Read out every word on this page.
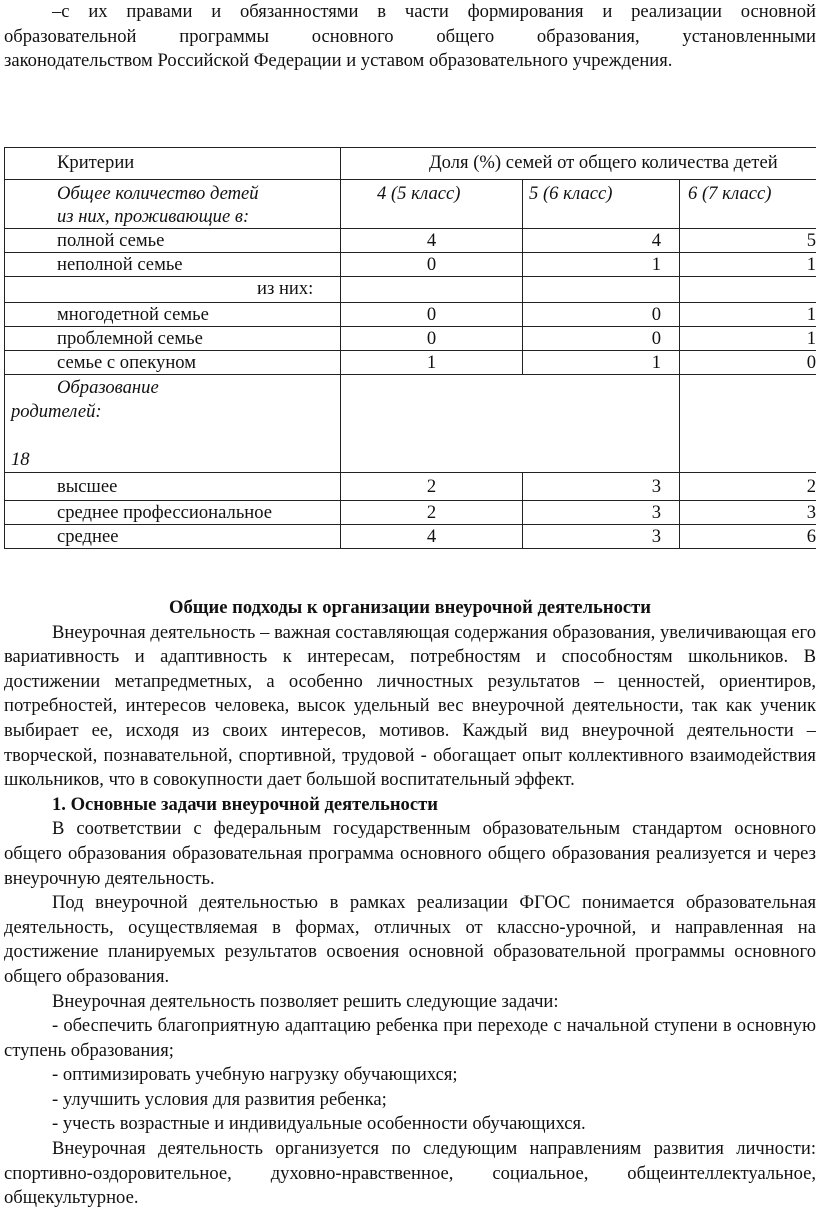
–с их правами и обязанностями в части формирования и реализации основной

образовательной программы основного общего образования, установленными

законодательством Российской Федерации и уставом образовательного учреждения.

Критерии	Доля (%) семей от общего количества детей		
Общее количество детей
из них, проживающие в:	4 (5 класс)	5 (6 класс)	6 (7 класс)
полной семье	4	4	5
неполной семье	0	1	1
из них:			
многодетной семье	0	0	1
проблемной семье	0	0	1
семье с опекуном	1	1	0
Образование
родителей:

18			
высшее	2	3	2
среднее профессиональное	2	3	3
среднее	4	3	6

Общие подходы к организации внеурочной деятельности

Внеурочная деятельность – важная составляющая содержания образования, увеличивающая его вариативность и адаптивность к интересам, потребностям и способностям школьников. В достижении метапредметных, а особенно личностных результатов – ценностей, ориентиров, потребностей, интересов человека, высок удельный вес внеурочной деятельности, так как ученик выбирает ее, исходя из своих интересов, мотивов. Каждый вид внеурочной деятельности – творческой, познавательной, спортивной, трудовой - обогащает опыт коллективного взаимодействия школьников, что в совокупности дает большой воспитательный эффект.

1. Основные задачи внеурочной деятельности

В соответствии с федеральным государственным образовательным стандартом основного общего образования образовательная программа основного общего образования реализуется и через внеурочную деятельность.

Под внеурочной деятельностью в рамках реализации ФГОС понимается образовательная деятельность, осуществляемая в формах, отличных от классно-урочной, и направленная на достижение планируемых результатов освоения основной образовательной программы основного общего образования.

Внеурочная деятельность позволяет решить следующие задачи:

- обеспечить благоприятную адаптацию ребенка при переходе с начальной ступени в основную ступень образования;

- оптимизировать учебную нагрузку обучающихся;

- улучшить условия для развития ребенка;

- учесть возрастные и индивидуальные особенности обучающихся.

Внеурочная деятельность организуется по следующим направлениям развития личности: спортивно-оздоровительное, духовно-нравственное, социальное, общеинтеллектуальное, общекультурное.
